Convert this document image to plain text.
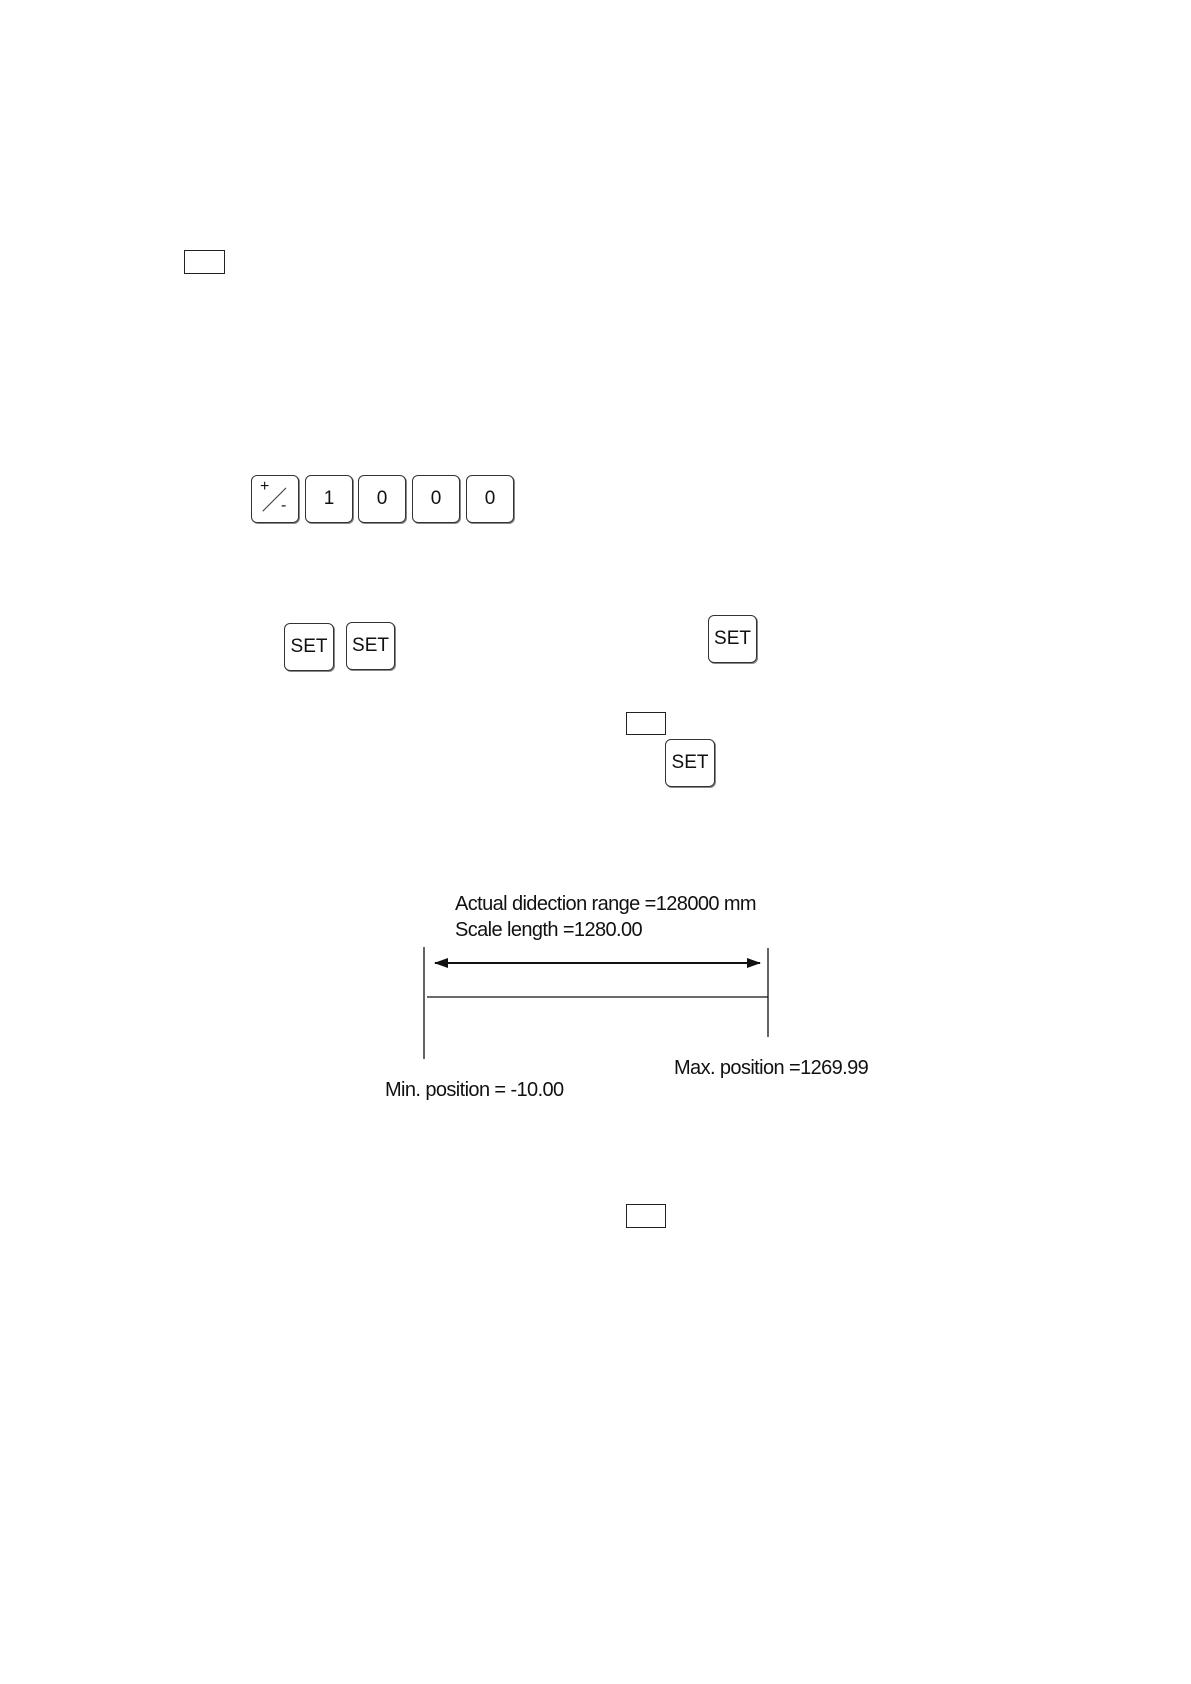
+
-	1	0	0	0
SET	SET	SET
SET
Actual didection range =128000 mm
Scale length =1280.00
Min. position = -10.00
Max. position =1269.99
